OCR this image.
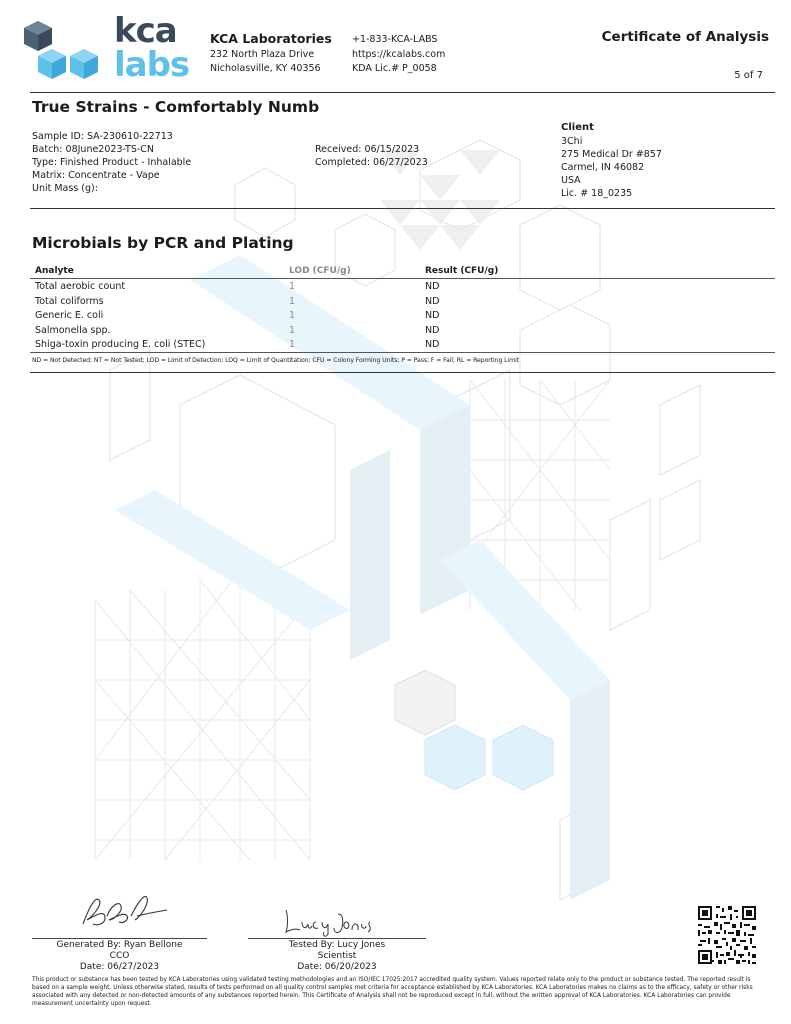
kca
labs
KCA Laboratories
232 North Plaza Drive
Nicholasville, KY 40356
+1-833-KCA-LABS
https://kcalabs.com
KDA Lic.# P_0058
Certificate of Analysis
5 of 7
True Strains - Comfortably Numb
Sample ID: SA-230610-22713
Batch: 08June2023-TS-CN
Type: Finished Product - Inhalable
Matrix: Concentrate - Vape
Unit Mass (g):
Received: 06/15/2023
Completed: 06/27/2023
Client
3Chi
275 Medical Dr #857
Carmel, IN 46082
USA
Lic. # 18_0235
Microbials by PCR and Plating
Analyte	LOD (CFU/g)	Result (CFU/g)
Total aerobic count
Total coliforms
Generic E. coli
Salmonella spp.
Shiga-toxin producing E. coli (STEC)
1
1
1
1
1
ND
ND
ND
ND
ND
ND = Not Detected; NT = Not Tested; LOD = Limit of Detection; LOQ = Limit of Quantitation; CFU = Colony Forming Units; P = Pass; F = Fail; RL = Reporting Limit
Generated By: Ryan Bellone
CCO
Date: 06/27/2023
Tested By: Lucy Jones
Scientist
Date: 06/20/2023
This product or substance has been tested by KCA Laboratories using validated testing methodologies and an ISO/IEC 17025:2017 accredited quality system. Values reported relate only to the product or substance tested. The reported result is based on a sample weight. Unless otherwise stated, results of tests performed on all quality control samples met criteria for acceptance established by KCA Laboratories. KCA Laboratories makes no claims as to the efficacy, safety or other risks associated with any detected or non-detected amounts of any substances reported herein. This Certificate of Analysis shall not be reproduced except in full, without the written approval of KCA Laboratories. KCA Laboratories can provide measurement uncertainty upon request.
